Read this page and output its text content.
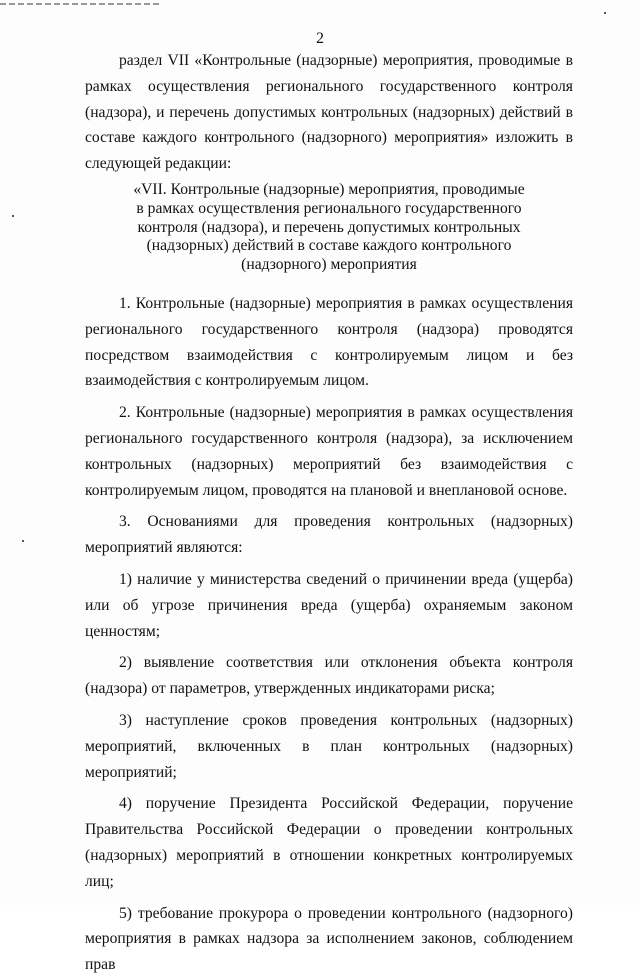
2

раздел VII «Контрольные (надзорные) мероприятия, проводимые в рамках осуществления регионального государственного контроля (надзора), и перечень допустимых контрольных (надзорных) действий в составе каждого контрольного (надзорного) мероприятия» изложить в следующей редакции:

«VII. Контрольные (надзорные) мероприятия, проводимые
в рамках осуществления регионального государственного
контроля (надзора), и перечень допустимых контрольных
(надзорных) действий в составе каждого контрольного
(надзорного) мероприятия

1. Контрольные (надзорные) мероприятия в рамках осуществления регионального государственного контроля (надзора) проводятся посредством взаимодействия с контролируемым лицом и без взаимодействия с контролируемым лицом.

2. Контрольные (надзорные) мероприятия в рамках осуществления регионального государственного контроля (надзора), за исключением контрольных (надзорных) мероприятий без взаимодействия с контролируемым лицом, проводятся на плановой и внеплановой основе.

3. Основаниями для проведения контрольных (надзорных) мероприятий являются:

1) наличие у министерства сведений о причинении вреда (ущерба) или об угрозе причинения вреда (ущерба) охраняемым законом ценностям;

2) выявление соответствия или отклонения объекта контроля (надзора) от параметров, утвержденных индикаторами риска;

3) наступление сроков проведения контрольных (надзорных) мероприятий, включенных в план контрольных (надзорных) мероприятий;

4) поручение Президента Российской Федерации, поручение Правительства Российской Федерации о проведении контрольных (надзорных) мероприятий в отношении конкретных контролируемых лиц;

5) требование прокурора о проведении контрольного (надзорного) мероприятия в рамках надзора за исполнением законов, соблюдением прав
